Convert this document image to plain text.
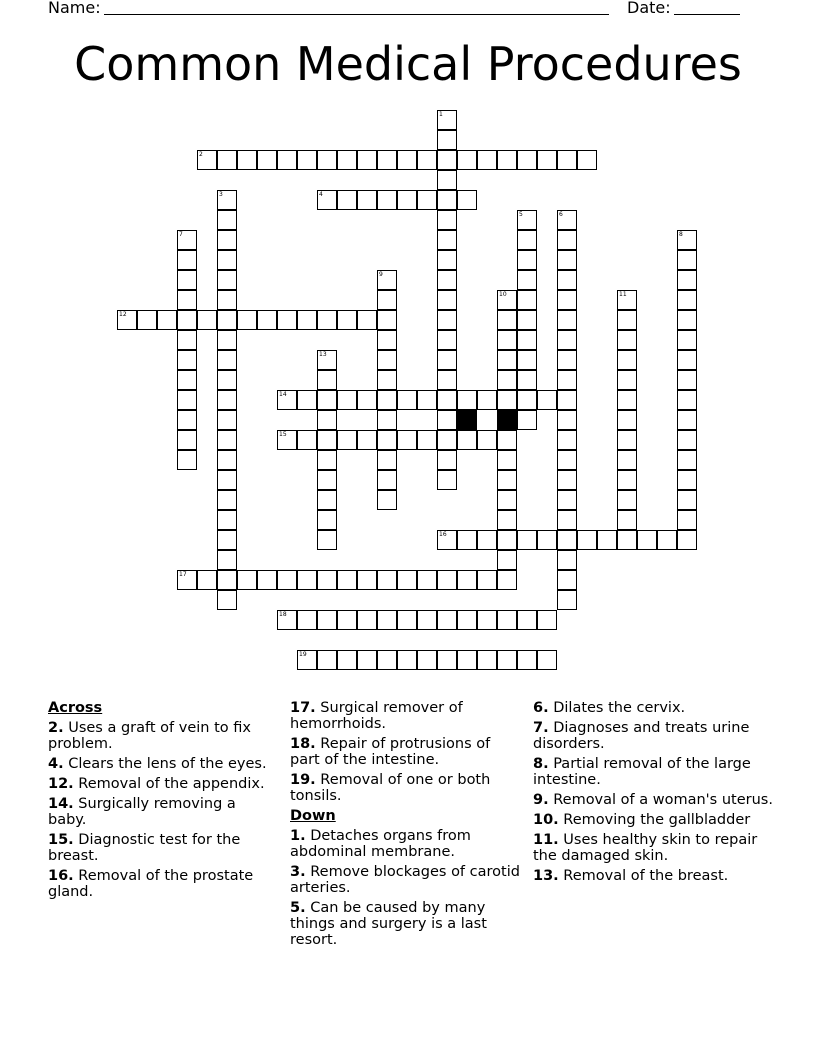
Name:	Date:
Common Medical Procedures
1
2
3	4
5	6
7	8
9
10	11
12
13
14
15
16
17
18
19
Across
2. Uses a graft of vein to fix problem.
4. Clears the lens of the eyes.
12. Removal of the appendix.
14. Surgically removing a baby.
15. Diagnostic test for the breast.
16. Removal of the prostate gland.
17. Surgical remover of hemorrhoids.
18. Repair of protrusions of part of the intestine.
19. Removal of one or both tonsils.
Down
1. Detaches organs from abdominal membrane.
3. Remove blockages of carotid arteries.
5. Can be caused by many things and surgery is a last resort.
6. Dilates the cervix.
7. Diagnoses and treats urine disorders.
8. Partial removal of the large intestine.
9. Removal of a woman's uterus.
10. Removing the gallbladder
11. Uses healthy skin to repair the damaged skin.
13. Removal of the breast.
